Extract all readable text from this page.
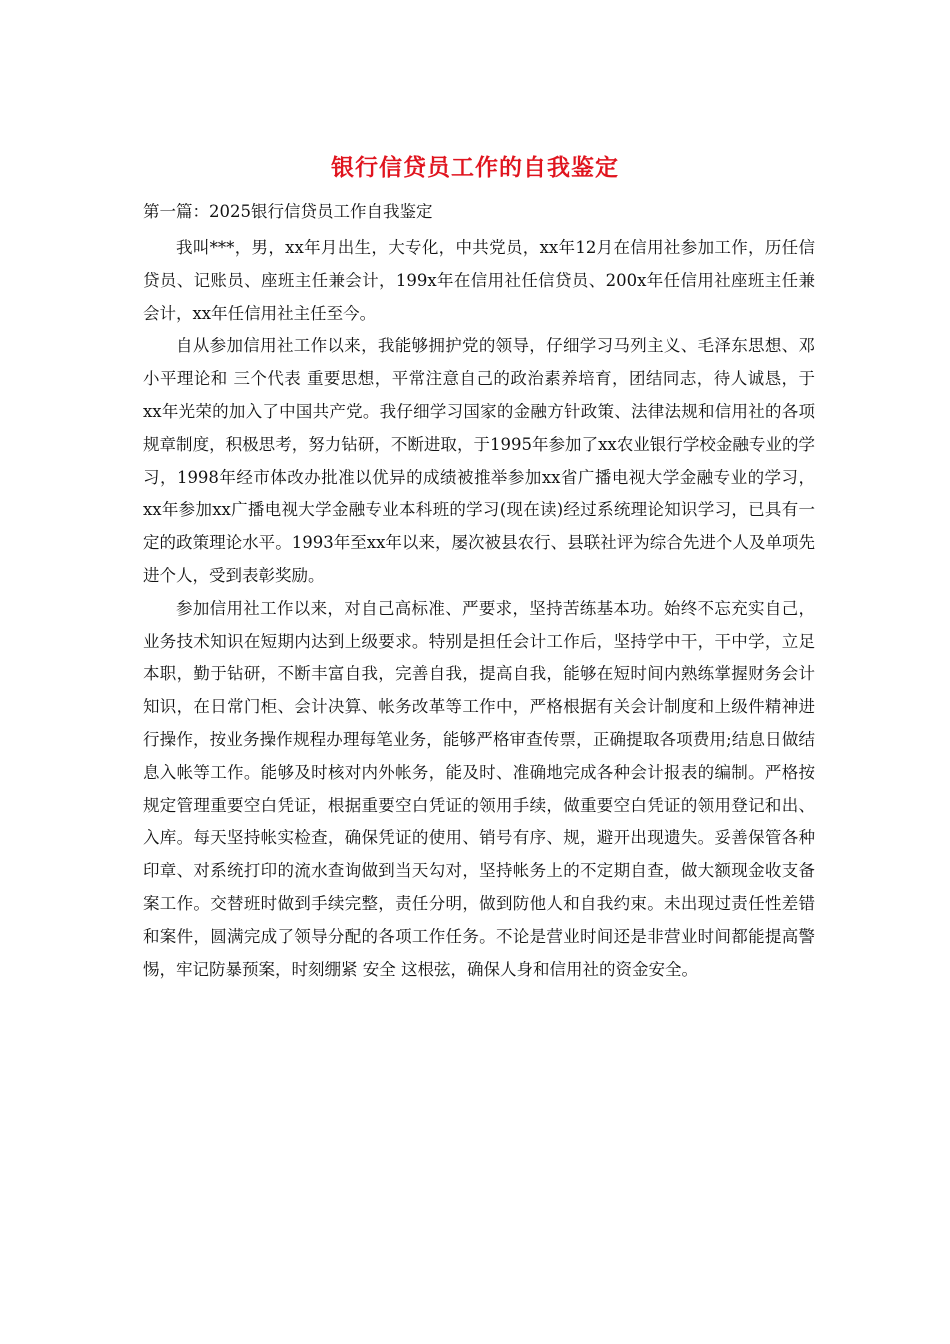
银行信贷员工作的自我鉴定

第一篇：2025银行信贷员工作自我鉴定

我叫***，男，xx年月出生，大专化，中共党员，xx年12月在信用社参加工作，历任信贷员、记账员、座班主任兼会计，199x年在信用社任信贷员、200x年任信用社座班主任兼会计，xx年任信用社主任至今。

自从参加信用社工作以来，我能够拥护党的领导，仔细学习马列主义、毛泽东思想、邓小平理论和 三个代表 重要思想，平常注意自己的政治素养培育，团结同志，待人诚恳，于xx年光荣的加入了中国共产党。我仔细学习国家的金融方针政策、法律法规和信用社的各项规章制度，积极思考，努力钻研，不断进取，于1995年参加了xx农业银行学校金融专业的学习，1998年经市体改办批准以优异的成绩被推举参加xx省广播电视大学金融专业的学习，xx年参加xx广播电视大学金融专业本科班的学习(现在读)经过系统理论知识学习，已具有一定的政策理论水平。1993年至xx年以来，屡次被县农行、县联社评为综合先进个人及单项先进个人，受到表彰奖励。

参加信用社工作以来，对自己高标准、严要求，坚持苦练基本功。始终不忘充实自己，业务技术知识在短期内达到上级要求。特别是担任会计工作后，坚持学中干，干中学，立足本职，勤于钻研，不断丰富自我，完善自我，提高自我，能够在短时间内熟练掌握财务会计知识，在日常门柜、会计决算、帐务改革等工作中，严格根据有关会计制度和上级件精神进行操作，按业务操作规程办理每笔业务，能够严格审查传票，正确提取各项费用;结息日做结息入帐等工作。能够及时核对内外帐务，能及时、准确地完成各种会计报表的编制。严格按规定管理重要空白凭证，根据重要空白凭证的领用手续，做重要空白凭证的领用登记和出、入库。每天坚持帐实检查，确保凭证的使用、销号有序、规，避开出现遗失。妥善保管各种印章、对系统打印的流水查询做到当天勾对，坚持帐务上的不定期自查，做大额现金收支备案工作。交替班时做到手续完整，责任分明，做到防他人和自我约束。未出现过责任性差错和案件，圆满完成了领导分配的各项工作任务。不论是营业时间还是非营业时间都能提高警惕，牢记防暴预案，时刻绷紧 安全 这根弦，确保人身和信用社的资金安全。
